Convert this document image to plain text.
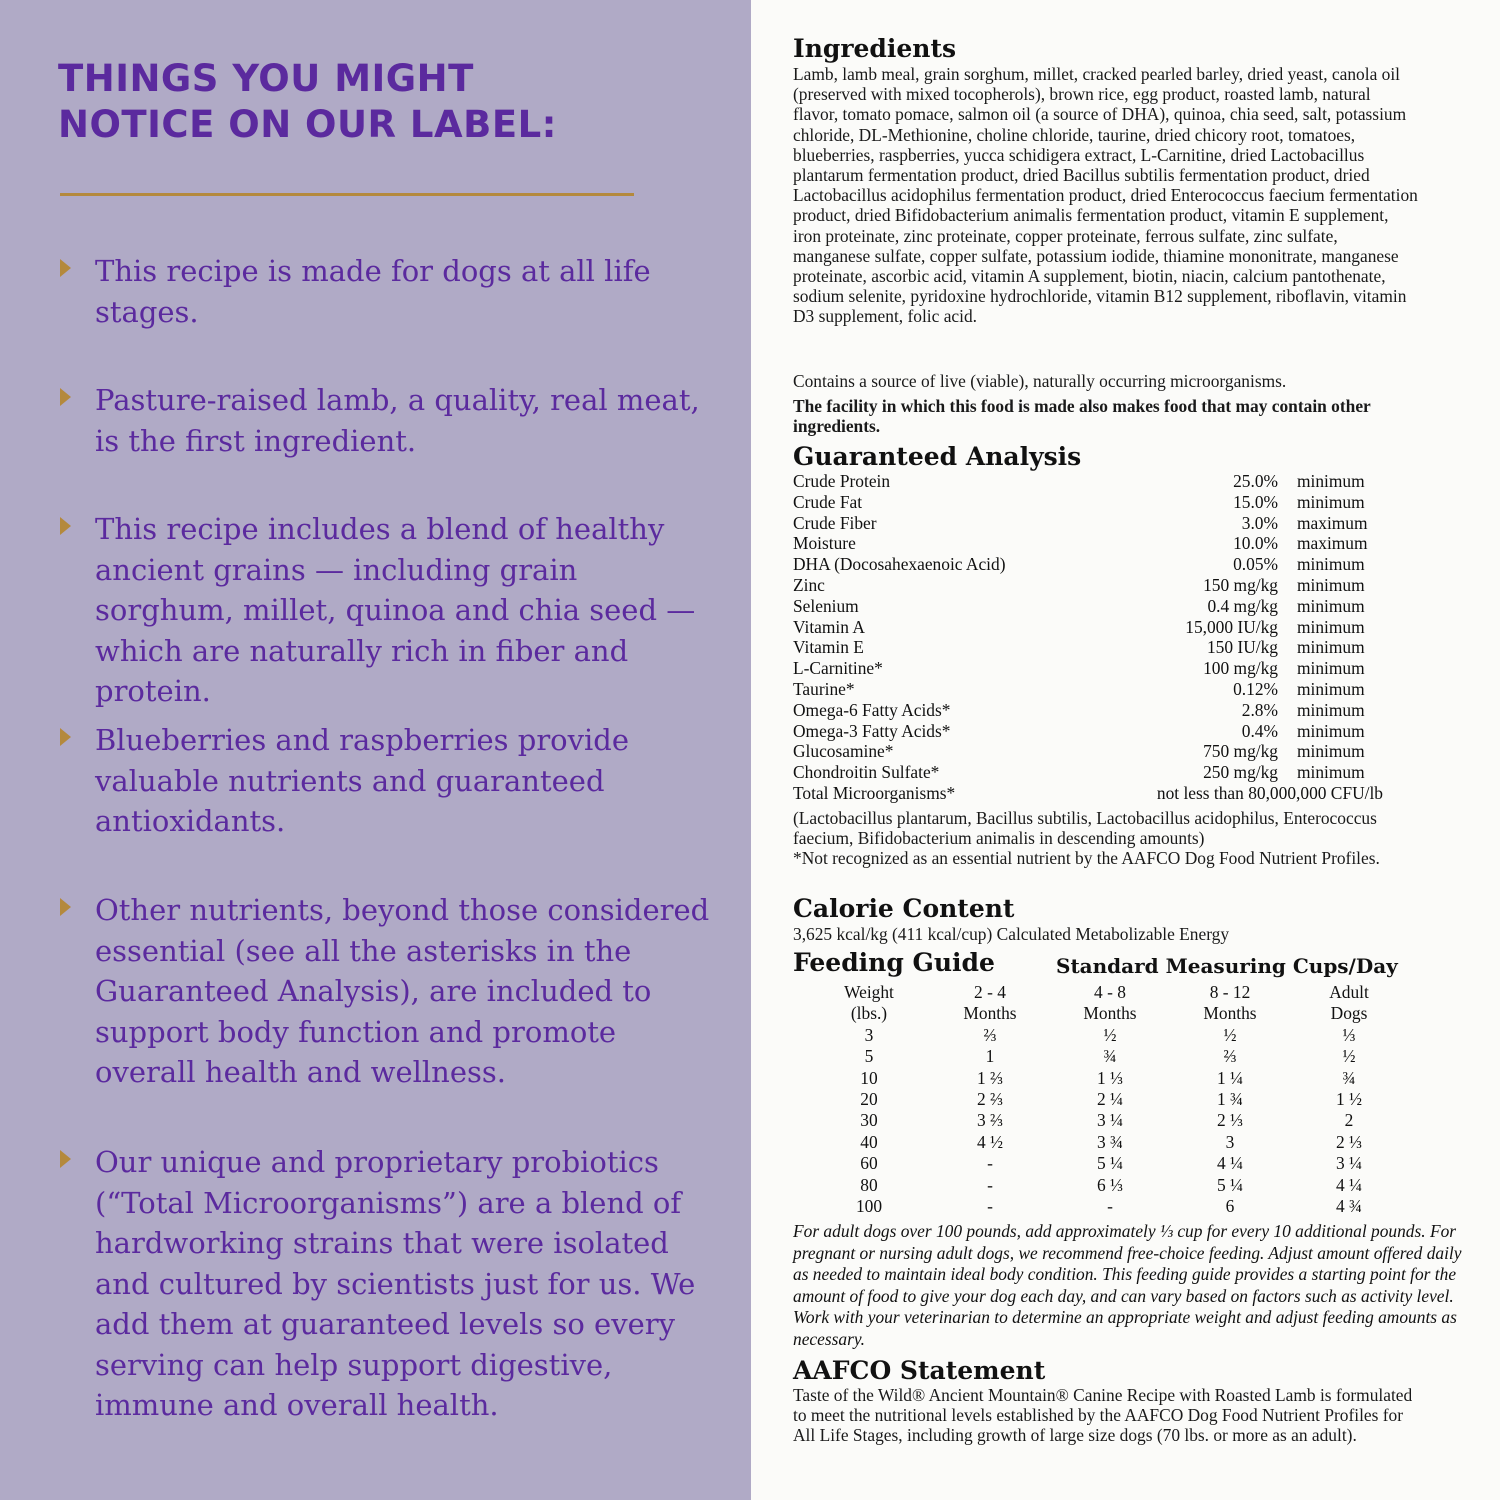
THINGS YOU MIGHT
NOTICE ON OUR LABEL:

This recipe is made for dogs at all life stages.

Pasture-raised lamb, a quality, real meat, is the first ingredient.

This recipe includes a blend of healthy ancient grains — including grain sorghum, millet, quinoa and chia seed — which are naturally rich in fiber and protein.

Blueberries and raspberries provide valuable nutrients and guaranteed antioxidants.

Other nutrients, beyond those considered essential (see all the asterisks in the Guaranteed Analysis), are included to support body function and promote overall health and wellness.

Our unique and proprietary probiotics (“Total Microorganisms”) are a blend of hardworking strains that were isolated and cultured by scientists just for us. We add them at guaranteed levels so every serving can help support digestive, immune and overall health.

Ingredients

Lamb, lamb meal, grain sorghum, millet, cracked pearled barley, dried yeast, canola oil (preserved with mixed tocopherols), brown rice, egg product, roasted lamb, natural flavor, tomato pomace, salmon oil (a source of DHA), quinoa, chia seed, salt, potassium chloride, DL-Methionine, choline chloride, taurine, dried chicory root, tomatoes, blueberries, raspberries, yucca schidigera extract, L-Carnitine, dried Lactobacillus plantarum fermentation product, dried Bacillus subtilis fermentation product, dried Lactobacillus acidophilus fermentation product, dried Enterococcus faecium fermentation product, dried Bifidobacterium animalis fermentation product, vitamin E supplement, iron proteinate, zinc proteinate, copper proteinate, ferrous sulfate, zinc sulfate, manganese sulfate, copper sulfate, potassium iodide, thiamine mononitrate, manganese proteinate, ascorbic acid, vitamin A supplement, biotin, niacin, calcium pantothenate, sodium selenite, pyridoxine hydrochloride, vitamin B12 supplement, riboflavin, vitamin D3 supplement, folic acid.

Contains a source of live (viable), naturally occurring microorganisms.

The facility in which this food is made also makes food that may contain other ingredients.

Guaranteed Analysis
Crude Protein	25.0% minimum
Crude Fat	15.0% minimum
Crude Fiber	3.0% maximum
Moisture	10.0% maximum
DHA (Docosahexaenoic Acid)	0.05% minimum
Zinc	150 mg/kg minimum
Selenium	0.4 mg/kg minimum
Vitamin A	15,000 IU/kg minimum
Vitamin E	150 IU/kg minimum
L-Carnitine*	100 mg/kg minimum
Taurine*	0.12% minimum
Omega-6 Fatty Acids*	2.8% minimum
Omega-3 Fatty Acids*	0.4% minimum
Glucosamine*	750 mg/kg minimum
Chondroitin Sulfate*	250 mg/kg minimum
Total Microorganisms*	not less than 80,000,000 CFU/lb

(Lactobacillus plantarum, Bacillus subtilis, Lactobacillus acidophilus, Enterococcus faecium, Bifidobacterium animalis in descending amounts)

*Not recognized as an essential nutrient by the AAFCO Dog Food Nutrient Profiles.

Calorie Content

3,625 kcal/kg (411 kcal/cup) Calculated Metabolizable Energy

Feeding Guide	Standard Measuring Cups/Day

Weight	2 - 4	4 - 8	8 - 12	Adult
(lbs.)	Months	Months	Months	Dogs
3	⅔	½	½	⅓
5	1	¾	⅔	½
10	1 ⅔	1 ⅓	1 ¼	¾
20	2 ⅔	2 ¼	1 ¾	1 ½
30	3 ⅔	3 ¼	2 ⅓	2
40	4 ½	3 ¾	3	2 ⅓
60	-	5 ¼	4 ¼	3 ¼
80	-	6 ⅓	5 ¼	4 ¼
100	-	-	6	4 ¾

For adult dogs over 100 pounds, add approximately ⅓ cup for every 10 additional pounds. For pregnant or nursing adult dogs, we recommend free-choice feeding. Adjust amount offered daily as needed to maintain ideal body condition. This feeding guide provides a starting point for the amount of food to give your dog each day, and can vary based on factors such as activity level. Work with your veterinarian to determine an appropriate weight and adjust feeding amounts as necessary.

AAFCO Statement

Taste of the Wild® Ancient Mountain® Canine Recipe with Roasted Lamb is formulated to meet the nutritional levels established by the AAFCO Dog Food Nutrient Profiles for All Life Stages, including growth of large size dogs (70 lbs. or more as an adult).
